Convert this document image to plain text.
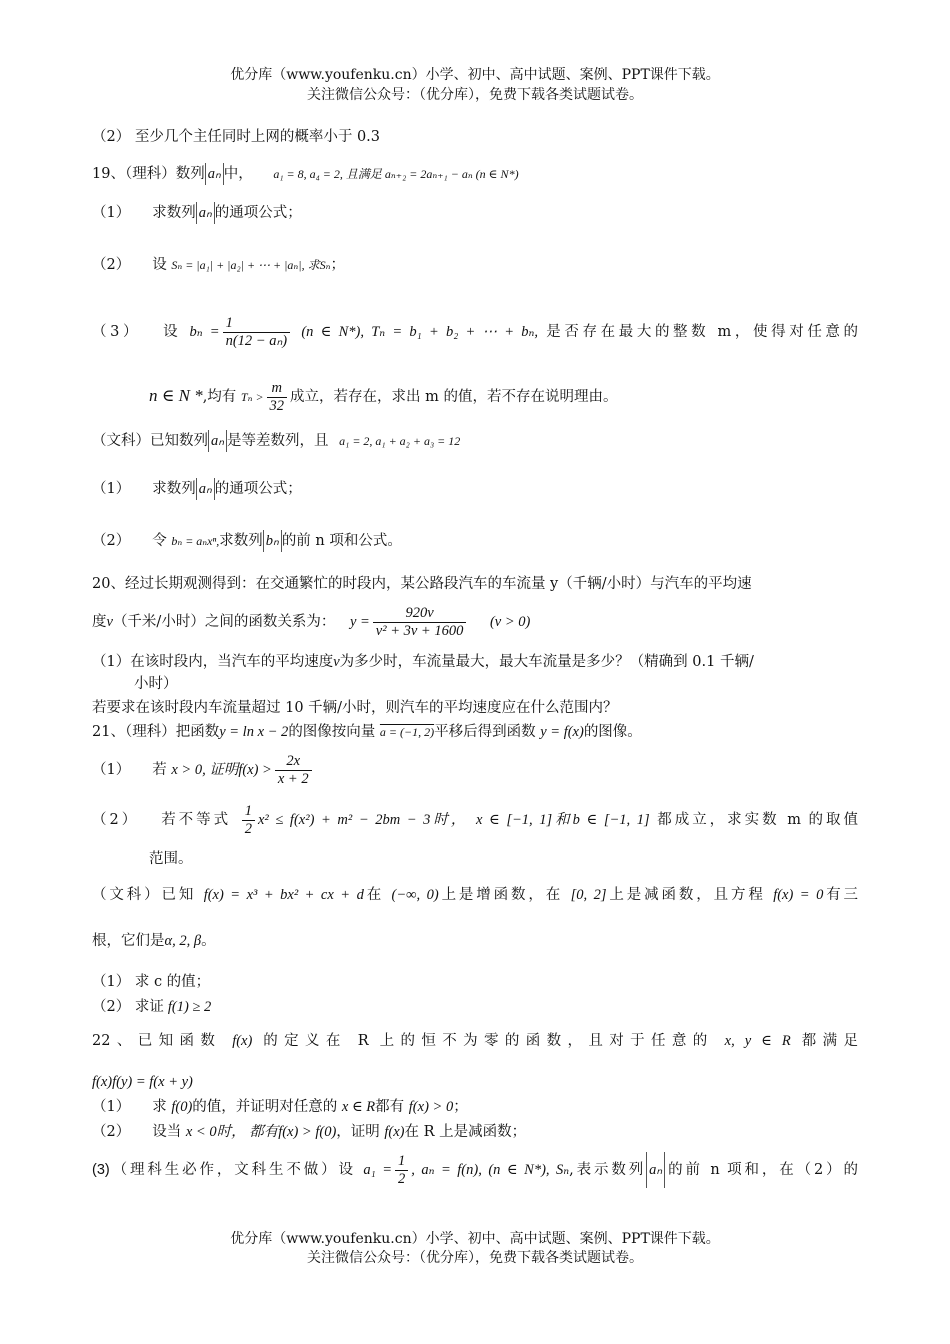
优分库（www.youfenku.cn）小学、初中、高中试题、案例、PPT课件下载。
关注微信公众号：（优分库），免费下载各类试题试卷。
（2） 至少几个主任同时上网的概率小于 0.3
19、（理科）数列 aₙ 中， a₁ = 8, a₄ = 2, 且满足 aₙ₊₂ = 2aₙ₊₁ − aₙ (n ∈ N*)
（1） 求数列 aₙ 的通项公式；
（2） 设 Sₙ = |a₁| + |a₂| + ⋯ + |aₙ|, 求Sₙ；
（3） 设 $b_n = \frac{1}{\text{n(12 − aₙ)}} (n$ ∈ N*), Tₙ = b₁ + b₂ + ⋯ + bₙ, 是否存在最大的整数 m，使得对任意的
n ∈ N *,均有 $T_n > \frac{m}{32}$ 成立，若存在，求出 m 的值，若不存在说明理由。
（文科）已知数列 aₙ 是等差数列，且 a₁ = 2, a₁ + a₂ + a₃ = 12
（1） 求数列 aₙ 的通项公式；
（2） 令 bₙ = aₙxⁿ,求数列 bₙ 的前 n 项和公式。
20、经过长期观测得到：在交通繁忙的时段内，某公路段汽车的车流量 y（千辆/小时）与汽车的平均速
度v（千米/小时）之间的函数关系为： $y = \frac{920v}{\text{v² + 3v + 1600}} (v > 0)$
（1）在该时段内，当汽车的平均速度v为多少时，车流量最大，最大车流量是多少？（精确到 0.1 千辆/
小时）
若要求在该时段内车流量超过 10 千辆/小时，则汽车的平均速度应在什么范围内？
21、（理科）把函数y = ln x − 2的图像按向量 a = (−1, 2)平移后得到函数 y = f(x)的图像。
（1） 若 x > 0, 证明$f(x) > \frac{2x}{x + 2}$
（2） 若不等式 $\frac{1}{2} x^2 \le f(x^2) + m^2 - 2bm - 3$时， x ∈ [−1, 1]和b ∈ [−1, 1] 都成立，求实数 m 的取值
范围。
（文科）已知 f(x) = x³ + bx² + cx + d在 (−∞, 0)上是增函数，在 [0, 2]上是减函数，且方程 f(x) = 0有三
根，它们是α, 2, β。
（1） 求 c 的值；
（2） 求证 f(1) ≥ 2
22、已知函数 f(x) 的定义在 R 上的恒不为零的函数，且对于任意的 x, y ∈ R 都满足
f(x)f(y) = f(x + y)
（1） 求 f(0)的值，并证明对任意的 x ∈ R都有 f(x) > 0；
（2） 设当 x < 0时， 都有f(x) > f(0)，证明 f(x)在 R 上是减函数；
(3)（理科生必作，文科生不做）设 $a_1 = \frac{1}{2}$ , aₙ = f(n), (n ∈ N*), Sₙ,表示数列 aₙ 的前 n 项和，在（2）的
优分库（www.youfenku.cn）小学、初中、高中试题、案例、PPT课件下载。
关注微信公众号：（优分库），免费下载各类试题试卷。
